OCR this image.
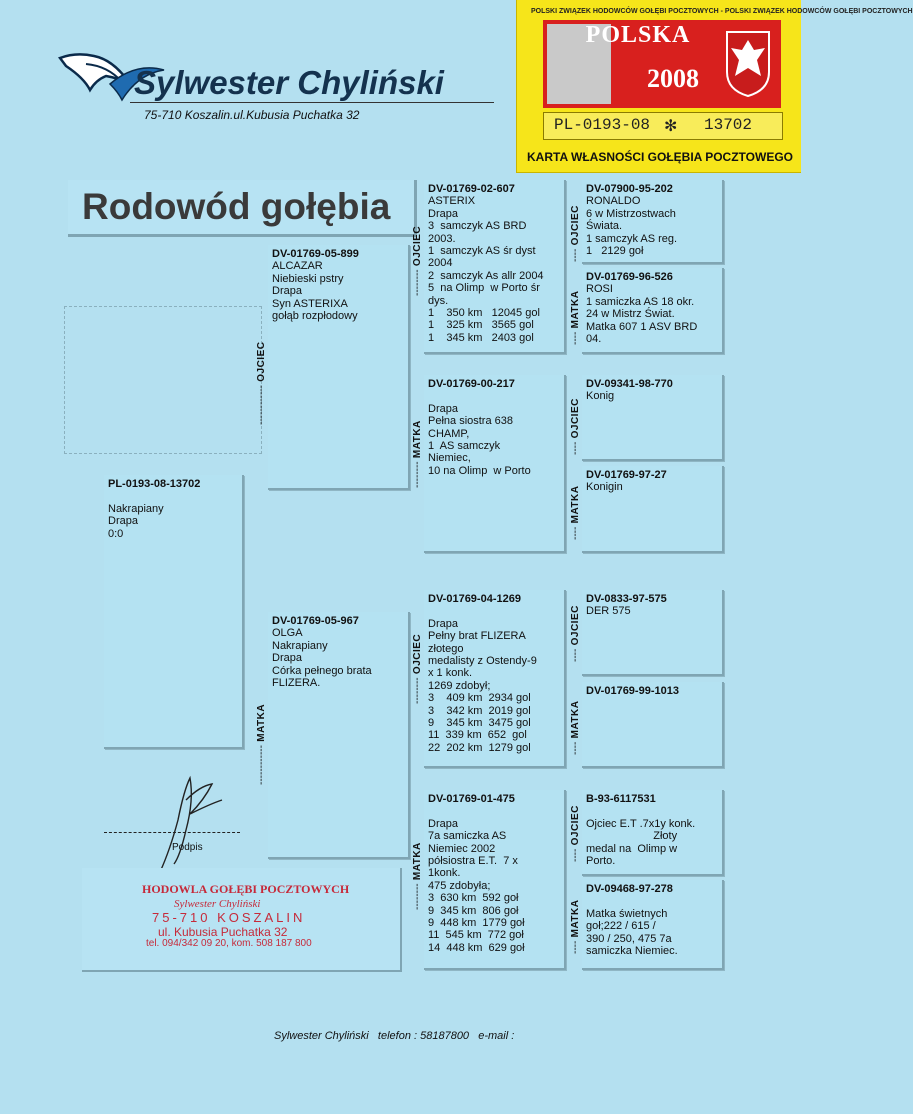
Sylwester Chyliński
75-710 Koszalin.ul.Kubusia Puchatka 32
POLSKI ZWIĄZEK HODOWCÓW GOŁĘBI POCZTOWYCH - POLSKI ZWIĄZEK HODOWCÓW GOŁĘBI POCZTOWYCH
POLSKA
2008
PL-0193-08 ✻ 13702
KARTA WŁASNOŚCI GOŁĘBIA POCZTOWEGO
Rodowód gołębia
PL-0193-08-13702

Nakrapiany
Drapa
0:0
------------ OJCIEC
DV-01769-05-899
ALCAZAR
Niebieski pstry
Drapa
Syn ASTERIXA
gołąb rozpłodowy
------------ MATKA
DV-01769-05-967
OLGA
Nakrapiany
Drapa
Córka pełnego brata
FLIZERA.
-------- OJCIEC
DV-01769-02-607
ASTERIX
Drapa
3  samczyk AS BRD
2003.
1  samczyk AS śr dyst
2004
2  samczyk As allr 2004
5  na Olimp  w Porto śr
dys.
1    350 km   12045 gol
1    325 km   3565 gol
1    345 km   2403 gol
-------- MATKA
DV-01769-00-217

Drapa
Pełna siostra 638
CHAMP,
1  AS samczyk
Niemiec,
10 na Olimp  w Porto
-------- OJCIEC
DV-01769-04-1269

Drapa
Pełny brat FLIZERA
złotego
medalisty z Ostendy-9
x 1 konk.
1269 zdobył;
3    409 km  2934 gol
3    342 km  2019 gol
9    345 km  3475 gol
11  339 km  652  gol
22  202 km  1279 gol
-------- MATKA
DV-01769-01-475

Drapa
7a samiczka AS
Niemiec 2002
półsiostra E.T.  7 x
1konk.
475 zdobyła;
3  630 km  592 goł
9  345 km  806 goł
9  448 km  1779 goł
11  545 km  772 goł
14  448 km  629 goł
---- OJCIEC
DV-07900-95-202
RONALDO
6 w Mistrzostwach
Świata.
1 samczyk AS reg.
1   2129 goł
---- MATKA
DV-01769-96-526
ROSI
1 samiczka AS 18 okr.
24 w Mistrz Świat.
Matka 607 1 ASV BRD
04.
---- OJCIEC
DV-09341-98-770
Konig
---- MATKA
DV-01769-97-27
Konigin
---- OJCIEC
DV-0833-97-575
DER 575
---- MATKA
DV-01769-99-1013
---- OJCIEC
B-93-6117531

Ojciec E.T .7x1y konk.
Złoty
medal na  Olimp w
Porto.
---- MATKA
DV-09468-97-278

Matka świetnych
goł;222 / 615 /
390 / 250, 475 7a
samiczka Niemiec.
Podpis
HODOWLA GOŁĘBI POCZTOWYCH
Sylwester Chyliński
75-710 KOSZALIN
ul. Kubusia Puchatka 32
tel. 094/342 09 20, kom. 508 187 800
Sylwester Chyliński   telefon : 58187800   e-mail :
